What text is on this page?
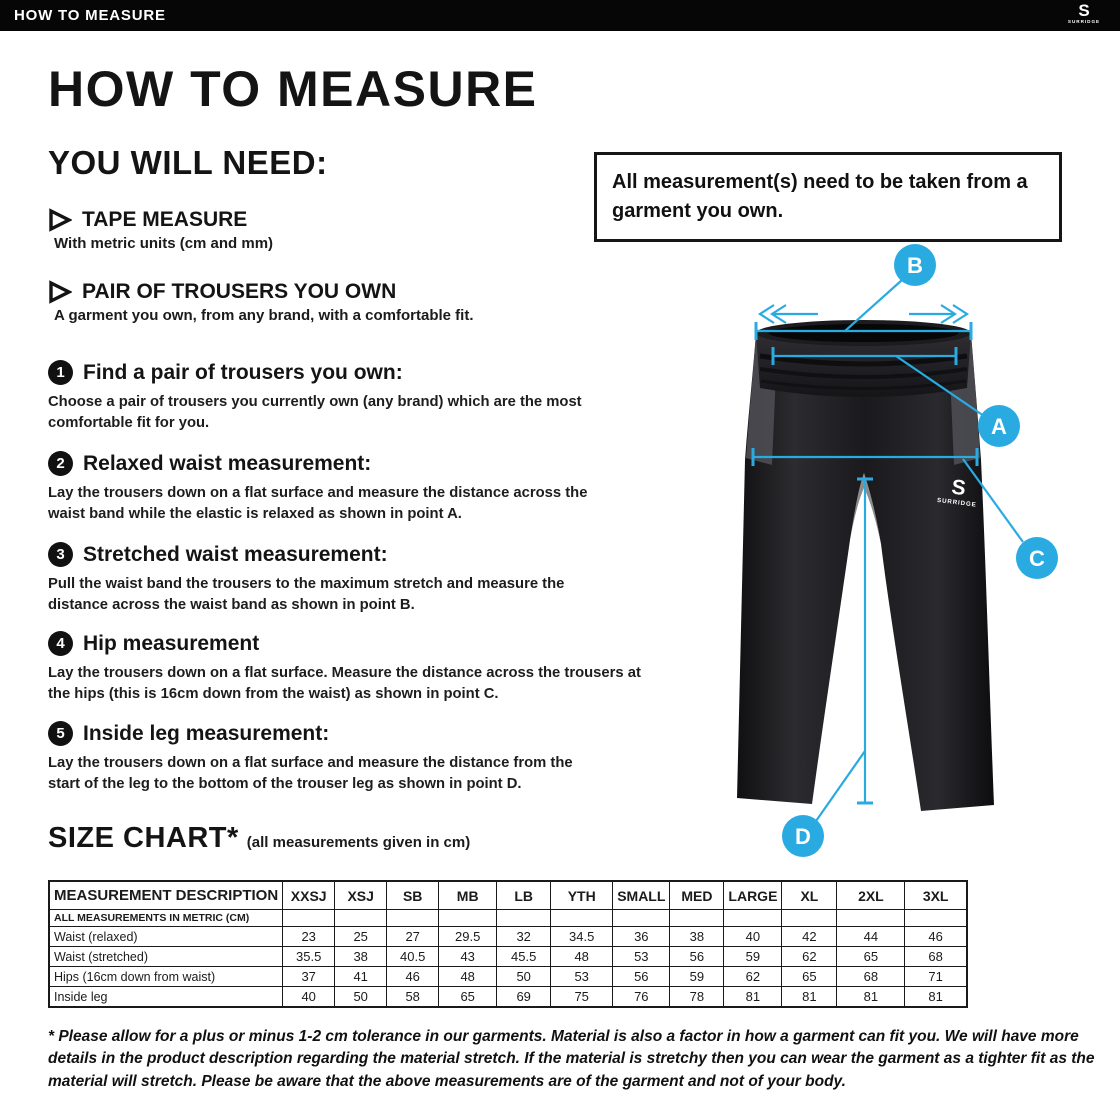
HOW TO MEASURE	S
SURRIDGE
HOW TO MEASURE
YOU WILL NEED:
TAPE MEASURE
With metric units (cm and mm)
PAIR OF TROUSERS YOU OWN
A garment you own, from any brand, with a comfortable fit.
All measurement(s) need to be taken from a garment you own.
1 Find a pair of trousers you own:
Choose a pair of trousers you currently own (any brand) which are the most comfortable fit for you.
2 Relaxed waist measurement:
Lay the trousers down on a flat surface and measure the distance across the waist band while the elastic is relaxed as shown in point A.
3 Stretched waist measurement:
Pull the waist band the trousers to the maximum stretch and measure the distance across the waist band as shown in point B.
4 Hip measurement
Lay the trousers down on a flat surface. Measure the distance across the trousers at the hips (this is 16cm down from the waist) as shown in point C.
5 Inside leg measurement:
Lay the trousers down on a flat surface and measure the distance from the start of the leg to the bottom of the trouser leg as shown in point D.
S
SURRIDGE
B
A
C
D
SIZE CHART* (all measurements given in cm)
MEASUREMENT DESCRIPTION	XXSJ	XSJ	SB	MB	LB	YTH	SMALL	MED	LARGE	XL	2XL	3XL
ALL MEASUREMENTS IN METRIC (CM)												
Waist (relaxed)	23	25	27	29.5	32	34.5	36	38	40	42	44	46
Waist (stretched)	35.5	38	40.5	43	45.5	48	53	56	59	62	65	68
Hips (16cm down from waist)	37	41	46	48	50	53	56	59	62	65	68	71
Inside leg	40	50	58	65	69	75	76	78	81	81	81	81
* Please allow for a plus or minus 1-2 cm tolerance in our garments. Material is also a factor in how a garment can fit you. We will have more details in the product description regarding the material stretch. If the material is stretchy then you can wear the garment as a tighter fit as the material will stretch. Please be aware that the above measurements are of the garment and not of your body.
